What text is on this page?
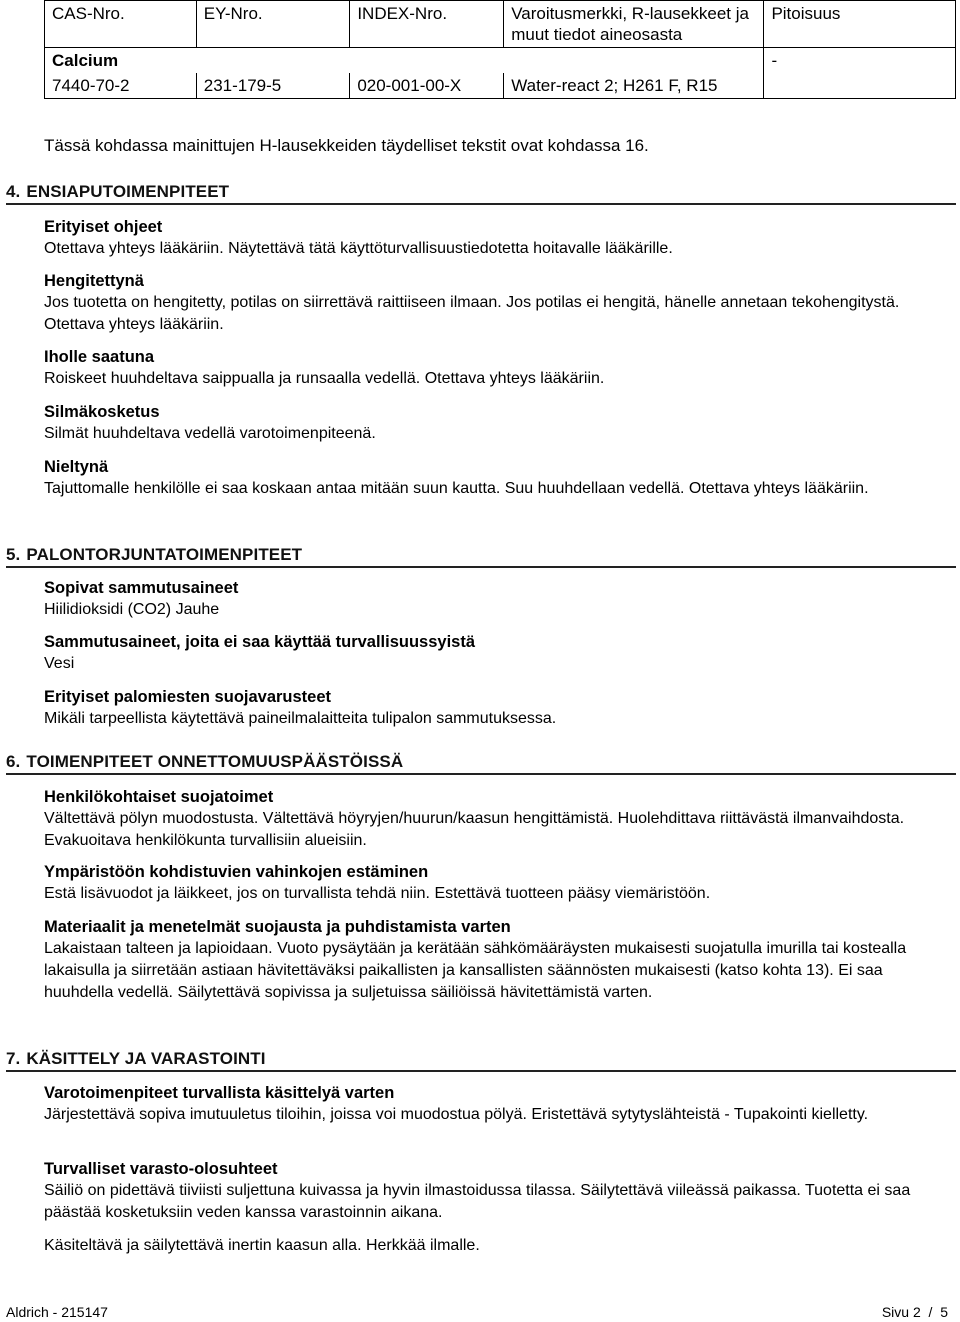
CAS-Nro.	EY-Nro.	INDEX-Nro.	Varoitusmerkki, R-lausekkeet ja muut tiedot aineosasta	Pitoisuus
Calcium				-
7440-70-2	231-179-5	020-001-00-X	Water-react 2; H261 F, R15	
Tässä kohdassa mainittujen H-lausekkeiden täydelliset tekstit ovat kohdassa 16.
4. ENSIAPUTOIMENPITEET
Erityiset ohjeet
Otettava yhteys lääkäriin. Näytettävä tätä käyttöturvallisuustiedotetta hoitavalle lääkärille.
Hengitettynä
Jos tuotetta on hengitetty, potilas on siirrettävä raittiiseen ilmaan. Jos potilas ei hengitä, hänelle annetaan tekohengitystä. Otettava yhteys lääkäriin.
Iholle saatuna
Roiskeet huuhdeltava saippualla ja runsaalla vedellä. Otettava yhteys lääkäriin.
Silmäkosketus
Silmät huuhdeltava vedellä varotoimenpiteenä.
Nieltynä
Tajuttomalle henkilölle ei saa koskaan antaa mitään suun kautta. Suu huuhdellaan vedellä. Otettava yhteys lääkäriin.
5. PALONTORJUNTATOIMENPITEET
Sopivat sammutusaineet
Hiilidioksidi (CO2) Jauhe
Sammutusaineet, joita ei saa käyttää turvallisuussyistä
Vesi
Erityiset palomiesten suojavarusteet
Mikäli tarpeellista käytettävä paineilmalaitteita tulipalon sammutuksessa.
6. TOIMENPITEET ONNETTOMUUSPÄÄSTÖISSÄ
Henkilökohtaiset suojatoimet
Vältettävä pölyn muodostusta. Vältettävä höyryjen/huurun/kaasun hengittämistä. Huolehdittava riittävästä ilmanvaihdosta. Evakuoitava henkilökunta turvallisiin alueisiin.
Ympäristöön kohdistuvien vahinkojen estäminen
Estä lisävuodot ja läikkeet, jos on turvallista tehdä niin. Estettävä tuotteen pääsy viemäristöön.
Materiaalit ja menetelmät suojausta ja puhdistamista varten
Lakaistaan talteen ja lapioidaan. Vuoto pysäytään ja kerätään sähkömääräysten mukaisesti suojatulla imurilla tai kostealla lakaisulla ja siirretään astiaan hävitettäväksi paikallisten ja kansallisten säännösten mukaisesti (katso kohta 13). Ei saa huuhdella vedellä. Säilytettävä sopivissa ja suljetuissa säiliöissä hävitettämistä varten.
7. KÄSITTELY JA VARASTOINTI
Varotoimenpiteet turvallista käsittelyä varten
Järjestettävä sopiva imutuuletus tiloihin, joissa voi muodostua pölyä. Eristettävä sytytyslähteistä - Tupakointi kielletty.
Turvalliset varasto-olosuhteet
Säiliö on pidettävä tiiviisti suljettuna kuivassa ja hyvin ilmastoidussa tilassa. Säilytettävä viileässä paikassa. Tuotetta ei saa päästää kosketuksiin veden kanssa varastoinnin aikana.
Käsiteltävä ja säilytettävä inertin kaasun alla. Herkkää ilmalle.
Aldrich - 215147	Sivu 2  /  5
